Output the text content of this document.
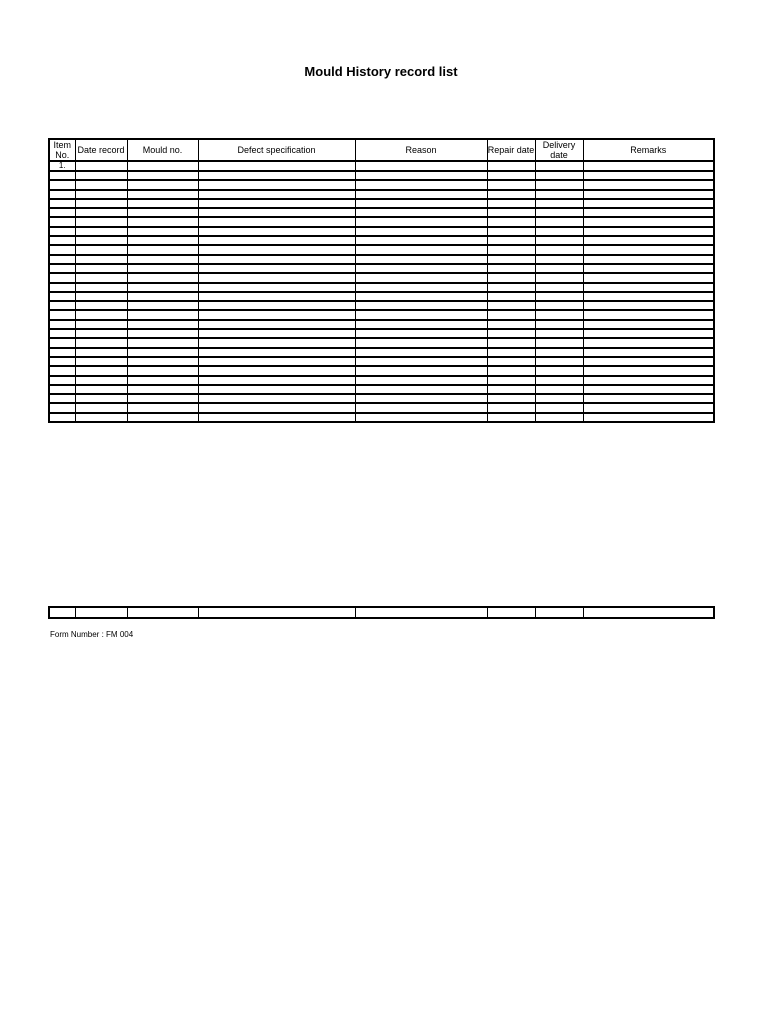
Mould History record list
Item No.	Date record	Mould no.	Defect specification	Reason	Repair date	Delivery date	Remarks
1.							

Form Number : FM 004
